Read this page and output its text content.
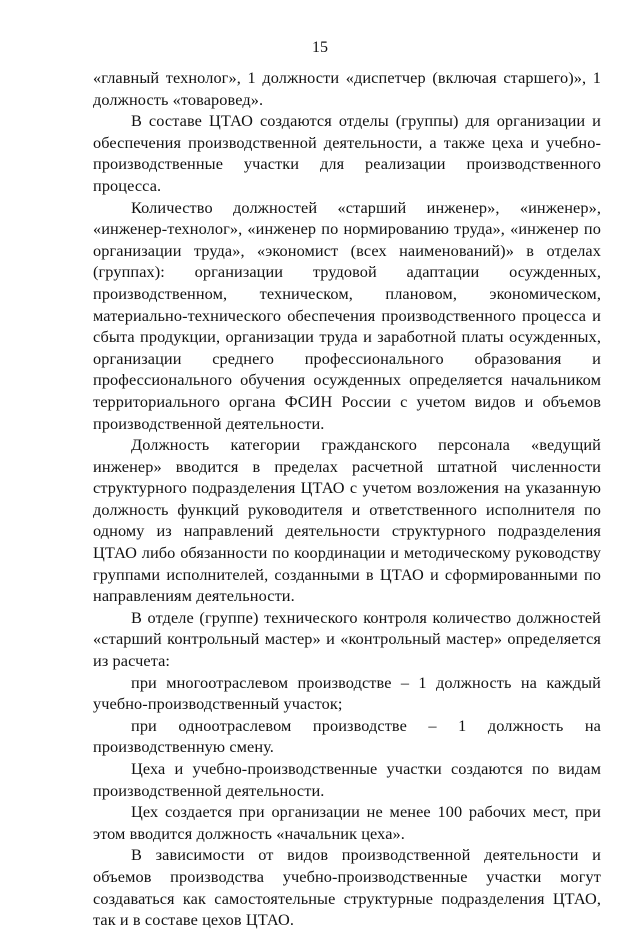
15

«главный технолог», 1 должности «диспетчер (включая старшего)», 1 должность «товаровед».

В составе ЦТАО создаются отделы (группы) для организации и обеспечения производственной деятельности, а также цеха и учебно-производственные участки для реализации производственного процесса.

Количество должностей «старший инженер», «инженер», «инженер-технолог», «инженер по нормированию труда», «инженер по организации труда», «экономист (всех наименований)» в отделах (группах): организации трудовой адаптации осужденных, производственном, техническом, плановом, экономическом, материально-технического обеспечения производственного процесса и сбыта продукции, организации труда и заработной платы осужденных, организации среднего профессионального образования и профессионального обучения осужденных определяется начальником территориального органа ФСИН России с учетом видов и объемов производственной деятельности.

Должность категории гражданского персонала «ведущий инженер» вводится в пределах расчетной штатной численности структурного подразделения ЦТАО с учетом возложения на указанную должность функций руководителя и ответственного исполнителя по одному из направлений деятельности структурного подразделения ЦТАО либо обязанности по координации и методическому руководству группами исполнителей, созданными в ЦТАО и сформированными по направлениям деятельности.

В отделе (группе) технического контроля количество должностей «старший контрольный мастер» и «контрольный мастер» определяется из расчета:

при многоотраслевом производстве – 1 должность на каждый учебно-производственный участок;

при одноотраслевом производстве – 1 должность на производственную смену.

Цеха и учебно-производственные участки создаются по видам производственной деятельности.

Цех создается при организации не менее 100 рабочих мест, при этом вводится должность «начальник цеха».

В зависимости от видов производственной деятельности и объемов производства учебно-производственные участки могут создаваться как самостоятельные структурные подразделения ЦТАО, так и в составе цехов ЦТАО.
